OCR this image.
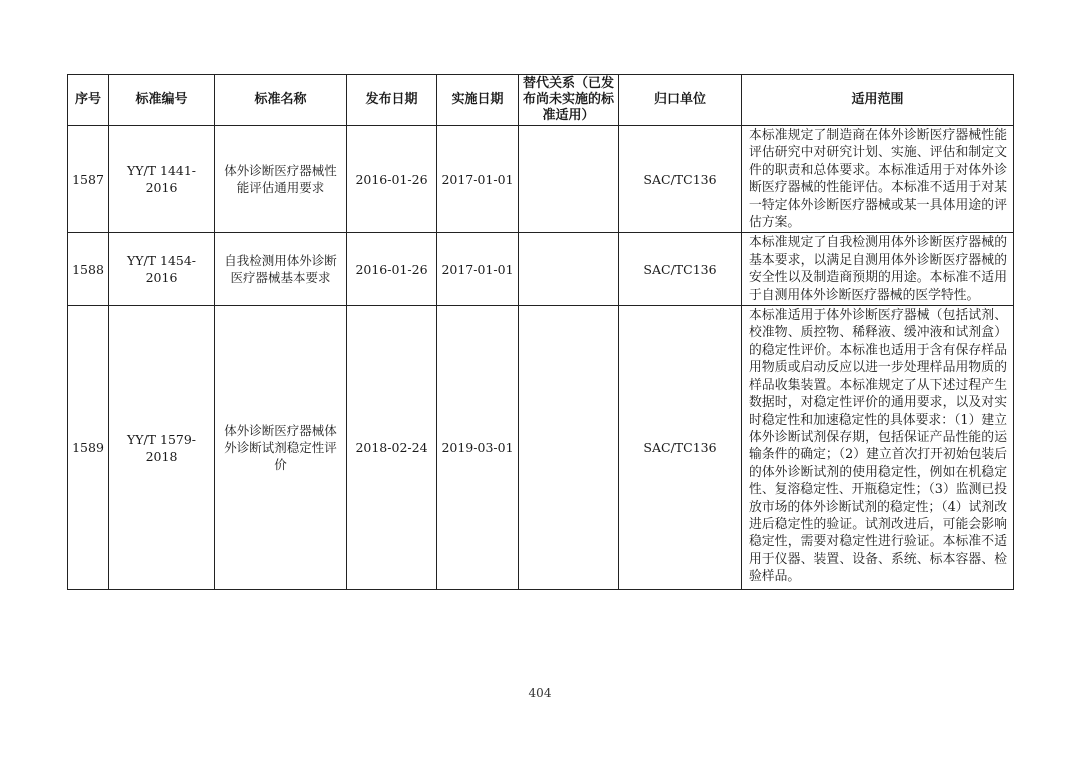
序号	标准编号	标准名称	发布日期	实施日期	替代关系（已发布尚未实施的标准适用）	归口单位	适用范围
1587	YY/T 1441-2016	体外诊断医疗器械性能评估通用要求	2016-01-26	2017-01-01		SAC/TC136	本标准规定了制造商在体外诊断医疗器械性能评估研究中对研究计划、实施、评估和制定文件的职责和总体要求。本标准适用于对体外诊断医疗器械的性能评估。本标准不适用于对某一特定体外诊断医疗器械或某一具体用途的评估方案。
1588	YY/T 1454-2016	自我检测用体外诊断医疗器械基本要求	2016-01-26	2017-01-01		SAC/TC136	本标准规定了自我检测用体外诊断医疗器械的基本要求，以满足自测用体外诊断医疗器械的安全性以及制造商预期的用途。本标准不适用于自测用体外诊断医疗器械的医学特性。
1589	YY/T 1579-2018	体外诊断医疗器械体外诊断试剂稳定性评价	2018-02-24	2019-03-01		SAC/TC136	本标准适用于体外诊断医疗器械（包括试剂、校准物、质控物、稀释液、缓冲液和试剂盒）的稳定性评价。本标准也适用于含有保存样品用物质或启动反应以进一步处理样品用物质的样品收集装置。本标准规定了从下述过程产生数据时，对稳定性评价的通用要求，以及对实时稳定性和加速稳定性的具体要求：（1）建立体外诊断试剂保存期，包括保证产品性能的运输条件的确定；（2）建立首次打开初始包装后的体外诊断试剂的使用稳定性，例如在机稳定性、复溶稳定性、开瓶稳定性；（3）监测已投放市场的体外诊断试剂的稳定性；（4）试剂改进后稳定性的验证。试剂改进后，可能会影响稳定性，需要对稳定性进行验证。本标准不适用于仪器、装置、设备、系统、标本容器、检验样品。
404
